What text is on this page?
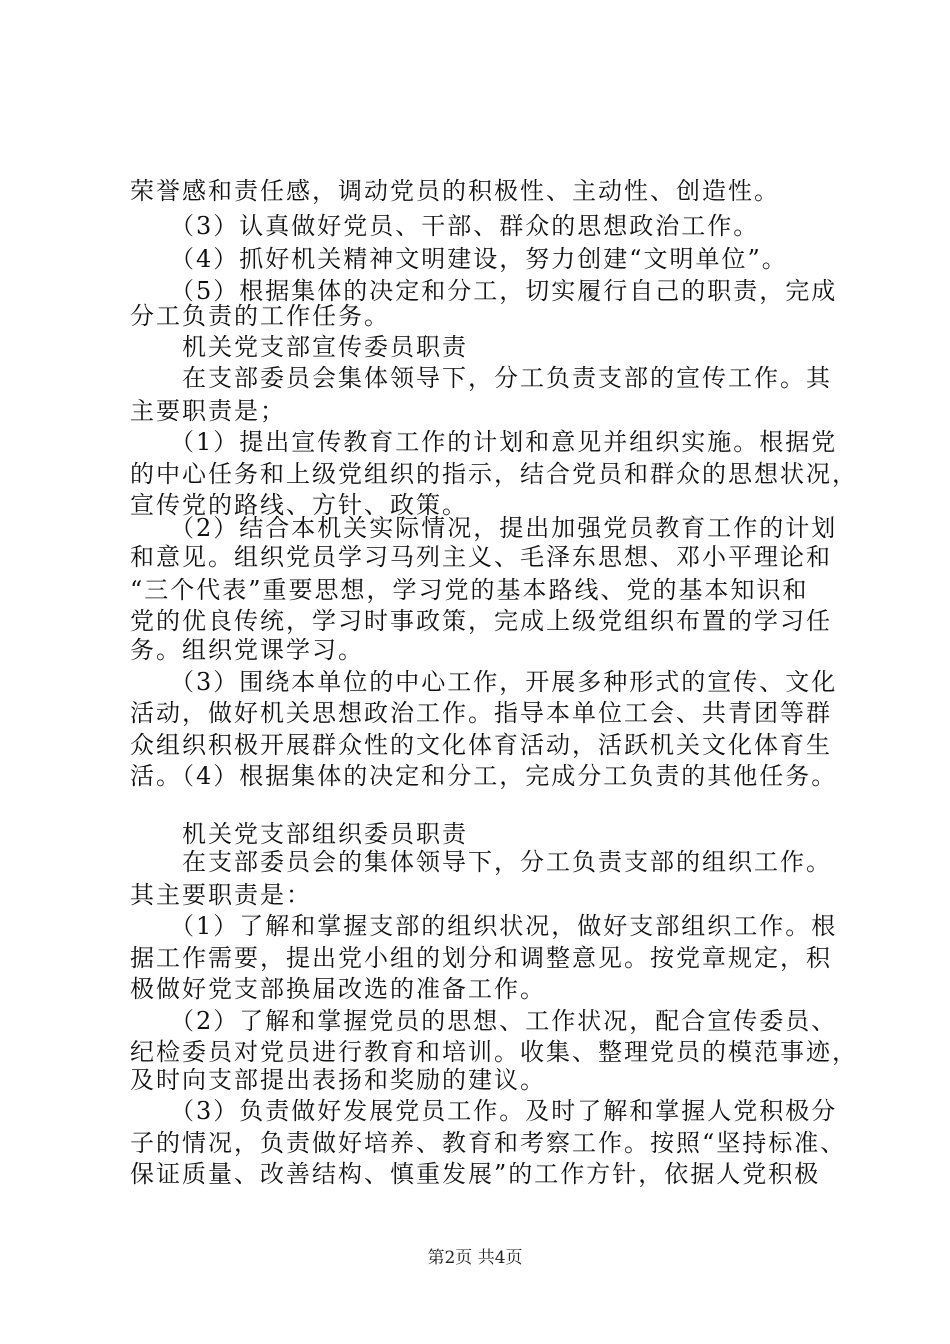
荣誉感和责任感，调动党员的积极性、主动性、创造性。
　　（3）认真做好党员、干部、群众的思想政治工作。
　　（4）抓好机关精神文明建设，努力创建“文明单位”。
　　（5）根据集体的决定和分工，切实履行自己的职责，完成
分工负责的工作任务。
　　机关党支部宣传委员职责
　　在支部委员会集体领导下，分工负责支部的宣传工作。其
主要职责是；
　　（1）提出宣传教育工作的计划和意见并组织实施。根据党
的中心任务和上级党组织的指示，结合党员和群众的思想状况，
宣传党的路线、方针、政策。
　　（2）结合本机关实际情况，提出加强党员教育工作的计划
和意见。组织党员学习马列主义、毛泽东思想、邓小平理论和
“三个代表”重要思想，学习党的基本路线、党的基本知识和
党的优良传统，学习时事政策，完成上级党组织布置的学习任
务。组织党课学习。
　　（3）围绕本单位的中心工作，开展多种形式的宣传、文化
活动，做好机关思想政治工作。指导本单位工会、共青团等群
众组织积极开展群众性的文化体育活动，活跃机关文化体育生
活。（4）根据集体的决定和分工，完成分工负责的其他任务。
　　机关党支部组织委员职责
　　在支部委员会的集体领导下，分工负责支部的组织工作。
其主要职责是：
　　（1）了解和掌握支部的组织状况，做好支部组织工作。根
据工作需要，提出党小组的划分和调整意见。按党章规定，积
极做好党支部换届改选的准备工作。
　　（2）了解和掌握党员的思想、工作状况，配合宣传委员、
纪检委员对党员进行教育和培训。收集、整理党员的模范事迹，
及时向支部提出表扬和奖励的建议。
　　（3）负责做好发展党员工作。及时了解和掌握人党积极分
子的情况，负责做好培养、教育和考察工作。按照“坚持标准、
保证质量、改善结构、慎重发展”的工作方针，依据人党积极
第2页 共4页
